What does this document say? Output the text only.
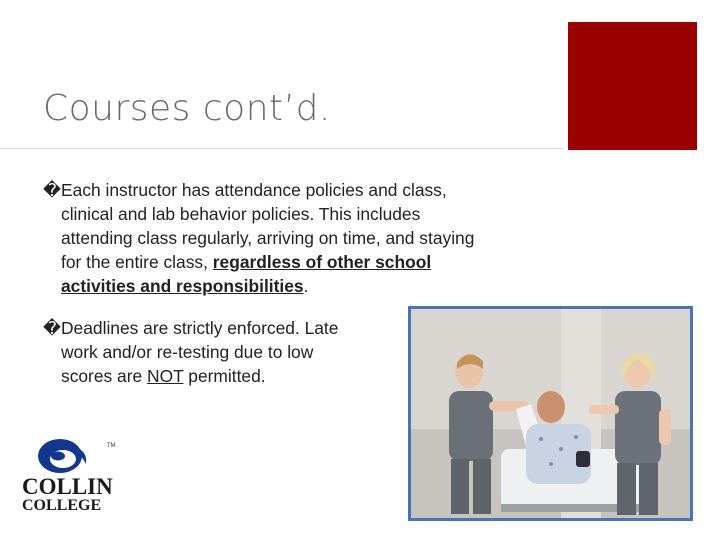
Courses cont’d.
�Each instructor has attendance policies and class,
clinical and lab behavior policies. This includes
attending class regularly, arriving on time, and staying
for the entire class, regardless of other school
activities and responsibilities.
�Deadlines are strictly enforced. Late
work and/or re-testing due to low
scores are NOT permitted.
TM
COLLIN
COLLEGE
